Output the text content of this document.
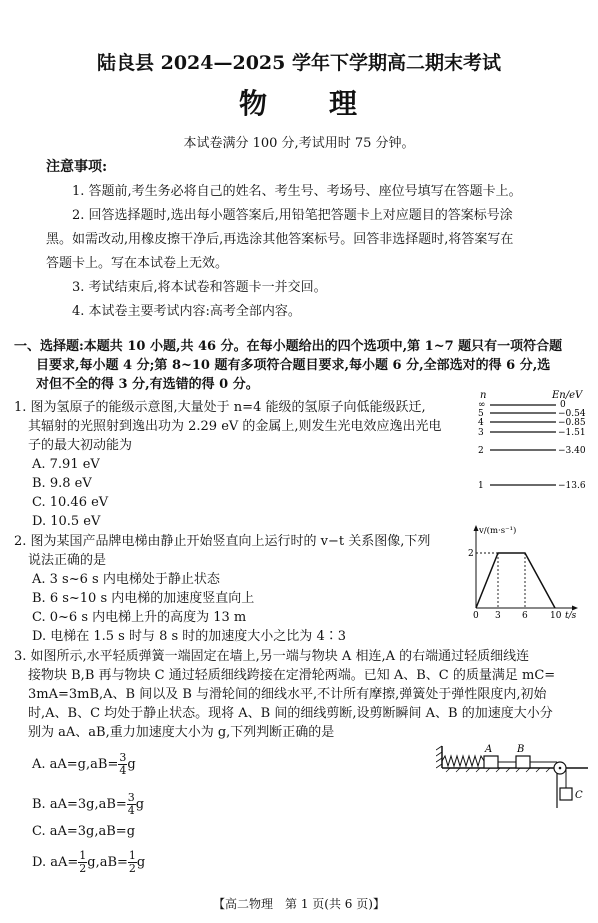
陆良县 2024—2025 学年下学期高二期末考试
物　　理
本试卷满分 100 分,考试用时 75 分钟。
注意事项:
1. 答题前,考生务必将自己的姓名、考生号、考场号、座位号填写在答题卡上。
2. 回答选择题时,选出每小题答案后,用铅笔把答题卡上对应题目的答案标号涂
黑。如需改动,用橡皮擦干净后,再选涂其他答案标号。回答非选择题时,将答案写在
答题卡上。写在本试卷上无效。
3. 考试结束后,将本试卷和答题卡一并交回。
4. 本试卷主要考试内容:高考全部内容。
一、选择题:本题共 10 小题,共 46 分。在每小题给出的四个选项中,第 1~7 题只有一项符合题
目要求,每小题 4 分;第 8~10 题有多项符合题目要求,每小题 6 分,全部选对的得 6 分,选
对但不全的得 3 分,有选错的得 0 分。
1. 图为氢原子的能级示意图,大量处于 n=4 能级的氢原子向低能级跃迁,
其辐射的光照射到逸出功为 2.29 eV 的金属上,则发生光电效应逸出光电
子的最大初动能为
A. 7.91 eV
B. 9.8 eV
C. 10.46 eV
D. 10.5 eV
n	En/eV
∞	0
5	−0.54
4	−0.85
3	−1.51
2	−3.40
1	−13.6
2. 图为某国产品牌电梯由静止开始竖直向上运行时的 v−t 关系图像,下列
说法正确的是
A. 3 s~6 s 内电梯处于静止状态
B. 6 s~10 s 内电梯的加速度竖直向上
C. 0~6 s 内电梯上升的高度为 13 m
D. 电梯在 1.5 s 时与 8 s 时的加速度大小之比为 4∶3
v/(m·s⁻¹)
t/s
2
0 3 6 10
3. 如图所示,水平轻质弹簧一端固定在墙上,另一端与物块 A 相连,A 的右端通过轻质细线连
接物块 B,B 再与物块 C 通过轻质细线跨接在定滑轮两端。已知 A、B、C 的质量满足 mC=
3mA=3mB,A、B 间以及 B 与滑轮间的细线水平,不计所有摩擦,弹簧处于弹性限度内,初始
时,A、B、C 均处于静止状态。现将 A、B 间的细线剪断,设剪断瞬间 A、B 的加速度大小分
别为 aA、aB,重力加速度大小为 g,下列判断正确的是
A. $aA=g,aB= \frac{3}{4}$ g
B. $aA=3g,aB= \frac{3}{4}$ g
C. aA=3g,aB=g
D. $aA= \frac{1}{2} g,aB= \frac{1}{2}$ g
A B
C
【高二物理　第 1 页(共 6 页)】
